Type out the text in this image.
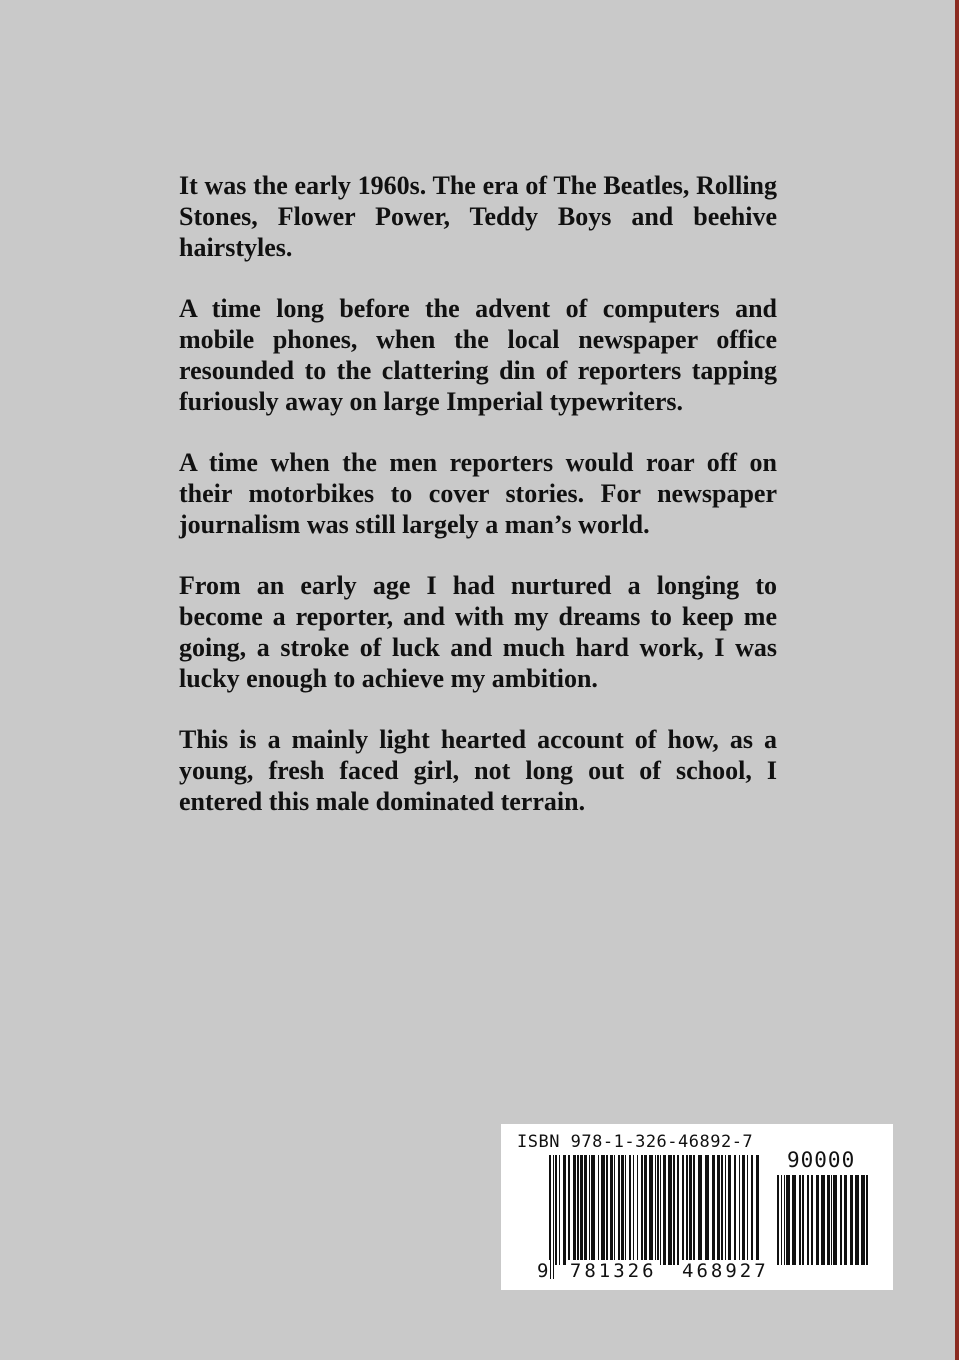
It was the early 1960s. The era of The Beatles, Rolling Stones, Flower Power, Teddy Boys and beehive hairstyles.

A time long before the advent of computers and mobile phones, when the local newspaper office resounded to the clattering din of reporters tapping furiously away on large Imperial typewriters.

A time when the men reporters would roar off on their motorbikes to cover stories. For newspaper journalism was still largely a man’s world.

From an early age I had nurtured a longing to become a reporter, and with my dreams to keep me going, a stroke of luck and much hard work, I was lucky enough to achieve my ambition.

This is a mainly light hearted account of how, as a young, fresh faced girl, not long out of school, I entered this male dominated terrain.

ISBN 978-1-326-46892-7
90000
9 781326 468927
